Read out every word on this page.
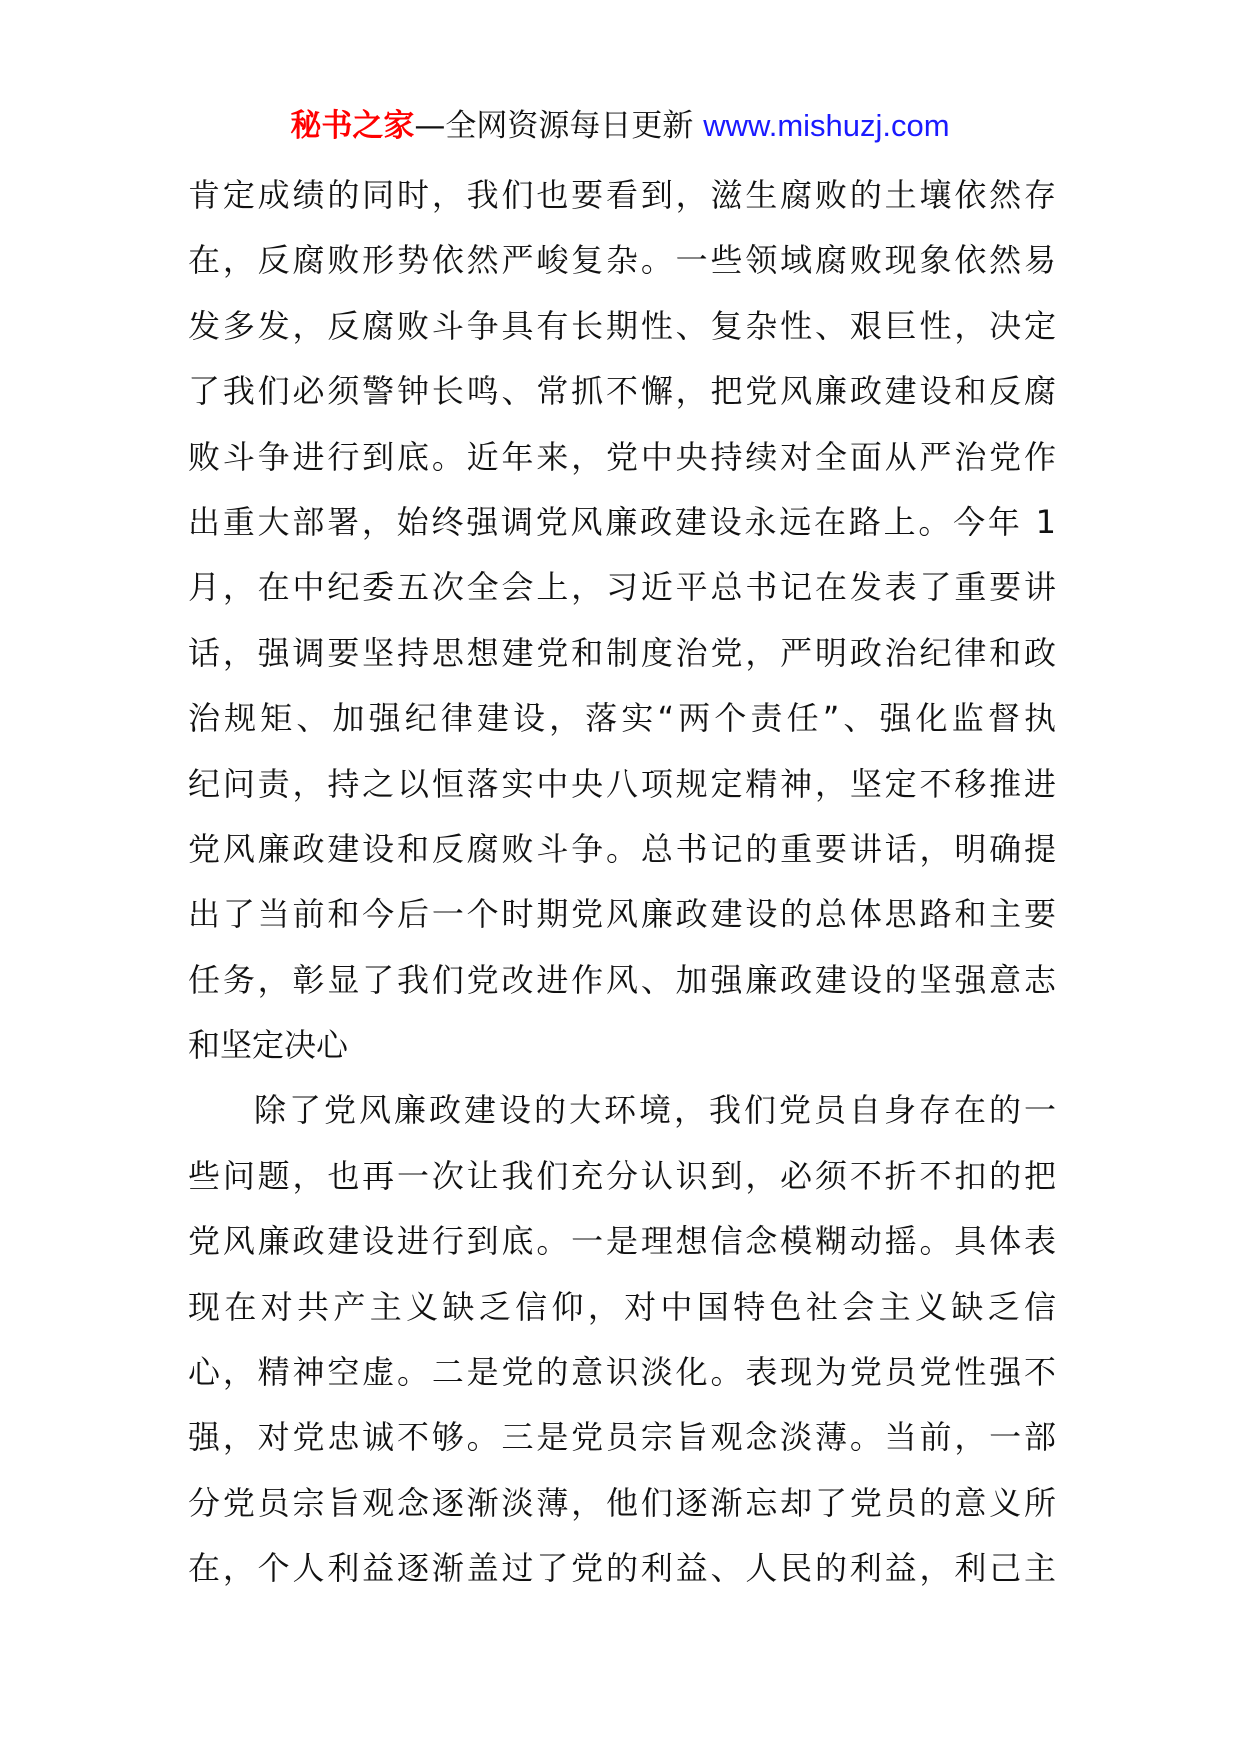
秘书之家—全网资源每日更新 www.mishuzj.com
肯定成绩的同时，我们也要看到，滋生腐败的土壤依然存
在，反腐败形势依然严峻复杂。一些领域腐败现象依然易
发多发，反腐败斗争具有长期性、复杂性、艰巨性，决定
了我们必须警钟长鸣、常抓不懈，把党风廉政建设和反腐
败斗争进行到底。近年来，党中央持续对全面从严治党作
出重大部署，始终强调党风廉政建设永远在路上。今年 1
月，在中纪委五次全会上，习近平总书记在发表了重要讲
话，强调要坚持思想建党和制度治党，严明政治纪律和政
治规矩、加强纪律建设，落实“两个责任”、强化监督执
纪问责，持之以恒落实中央八项规定精神，坚定不移推进
党风廉政建设和反腐败斗争。总书记的重要讲话，明确提
出了当前和今后一个时期党风廉政建设的总体思路和主要
任务，彰显了我们党改进作风、加强廉政建设的坚强意志
和坚定决心
除了党风廉政建设的大环境，我们党员自身存在的一
些问题，也再一次让我们充分认识到，必须不折不扣的把
党风廉政建设进行到底。一是理想信念模糊动摇。具体表
现在对共产主义缺乏信仰，对中国特色社会主义缺乏信
心，精神空虚。二是党的意识淡化。表现为党员党性强不
强，对党忠诚不够。三是党员宗旨观念淡薄。当前，一部
分党员宗旨观念逐渐淡薄，他们逐渐忘却了党员的意义所
在，个人利益逐渐盖过了党的利益、人民的利益，利己主
